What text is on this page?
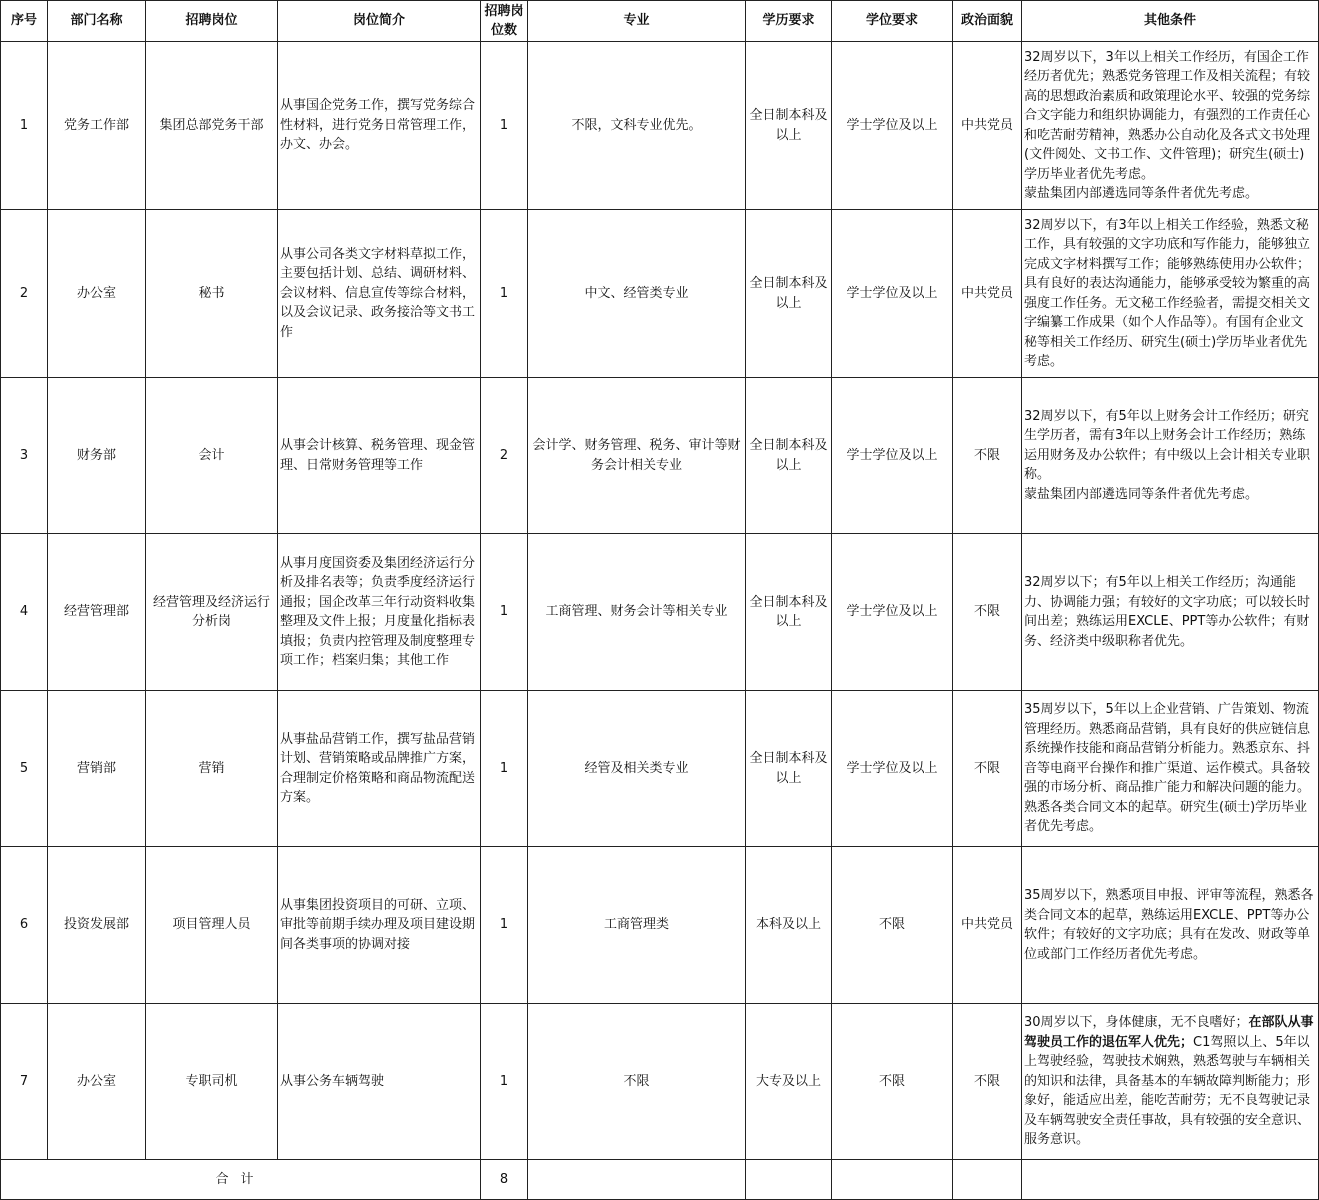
序号	部门名称	招聘岗位	岗位简介	招聘岗位数	专业	学历要求	学位要求	政治面貌	其他条件
1	党务工作部	集团总部党务干部	从事国企党务工作，撰写党务综合性材料，进行党务日常管理工作，办文、办会。	1	不限，文科专业优先。	全日制本科及以上	学士学位及以上	中共党员	32周岁以下，3年以上相关工作经历，有国企工作经历者优先；熟悉党务管理工作及相关流程；有较高的思想政治素质和政策理论水平、较强的党务综合文字能力和组织协调能力，有强烈的工作责任心和吃苦耐劳精神，熟悉办公自动化及各式文书处理(文件阅处、文书工作、文件管理)；研究生(硕士)学历毕业者优先考虑。
蒙盐集团内部遴选同等条件者优先考虑。

2	办公室	秘书	从事公司各类文字材料草拟工作，主要包括计划、总结、调研材料、会议材料、信息宣传等综合材料，以及会议记录、政务接洽等文书工作	1	中文、经管类专业	全日制本科及以上	学士学位及以上	中共党员	32周岁以下，有3年以上相关工作经验，熟悉文秘工作，具有较强的文字功底和写作能力，能够独立完成文字材料撰写工作；能够熟练使用办公软件；具有良好的表达沟通能力，能够承受较为繁重的高强度工作任务。无文秘工作经验者，需提交相关文字编纂工作成果（如个人作品等）。有国有企业文秘等相关工作经历、研究生(硕士)学历毕业者优先考虑。
3	财务部	会计	从事会计核算、税务管理、现金管理、日常财务管理等工作	2	会计学、财务管理、税务、审计等财务会计相关专业	全日制本科及以上	学士学位及以上	不限	32周岁以下，有5年以上财务会计工作经历；研究生学历者，需有3年以上财务会计工作经历；熟练运用财务及办公软件；有中级以上会计相关专业职称。
蒙盐集团内部遴选同等条件者优先考虑。

4	经营管理部	经营管理及经济运行分析岗	从事月度国资委及集团经济运行分析及排名表等；负责季度经济运行通报；国企改革三年行动资料收集整理及文件上报；月度量化指标表填报；负责内控管理及制度整理专项工作；档案归集；其他工作	1	工商管理、财务会计等相关专业	全日制本科及以上	学士学位及以上	不限	32周岁以下；有5年以上相关工作经历；沟通能力、协调能力强；有较好的文字功底；可以较长时间出差；熟练运用EXCLE、PPT等办公软件；有财务、经济类中级职称者优先。
5	营销部	营销	从事盐品营销工作，撰写盐品营销计划、营销策略或品牌推广方案，合理制定价格策略和商品物流配送方案。	1	经管及相关类专业	全日制本科及以上	学士学位及以上	不限	35周岁以下，5年以上企业营销、广告策划、物流管理经历。熟悉商品营销，具有良好的供应链信息系统操作技能和商品营销分析能力。熟悉京东、抖音等电商平台操作和推广渠道、运作模式。具备较强的市场分析、商品推广能力和解决问题的能力。熟悉各类合同文本的起草。研究生(硕士)学历毕业者优先考虑。
6	投资发展部	项目管理人员	从事集团投资项目的可研、立项、审批等前期手续办理及项目建设期间各类事项的协调对接	1	工商管理类	本科及以上	不限	中共党员	35周岁以下，熟悉项目申报、评审等流程，熟悉各类合同文本的起草，熟练运用EXCLE、PPT等办公软件；有较好的文字功底；具有在发改、财政等单位或部门工作经历者优先考虑。
7	办公室	专职司机	从事公务车辆驾驶	1	不限	大专及以上	不限	不限	30周岁以下，身体健康，无不良嗜好；在部队从事驾驶员工作的退伍军人优先；C1驾照以上、5年以上驾驶经验，驾驶技术娴熟，熟悉驾驶与车辆相关的知识和法律，具备基本的车辆故障判断能力；形象好，能适应出差，能吃苦耐劳；无不良驾驶记录及车辆驾驶安全责任事故，具有较强的安全意识、服务意识。
合计				8					
